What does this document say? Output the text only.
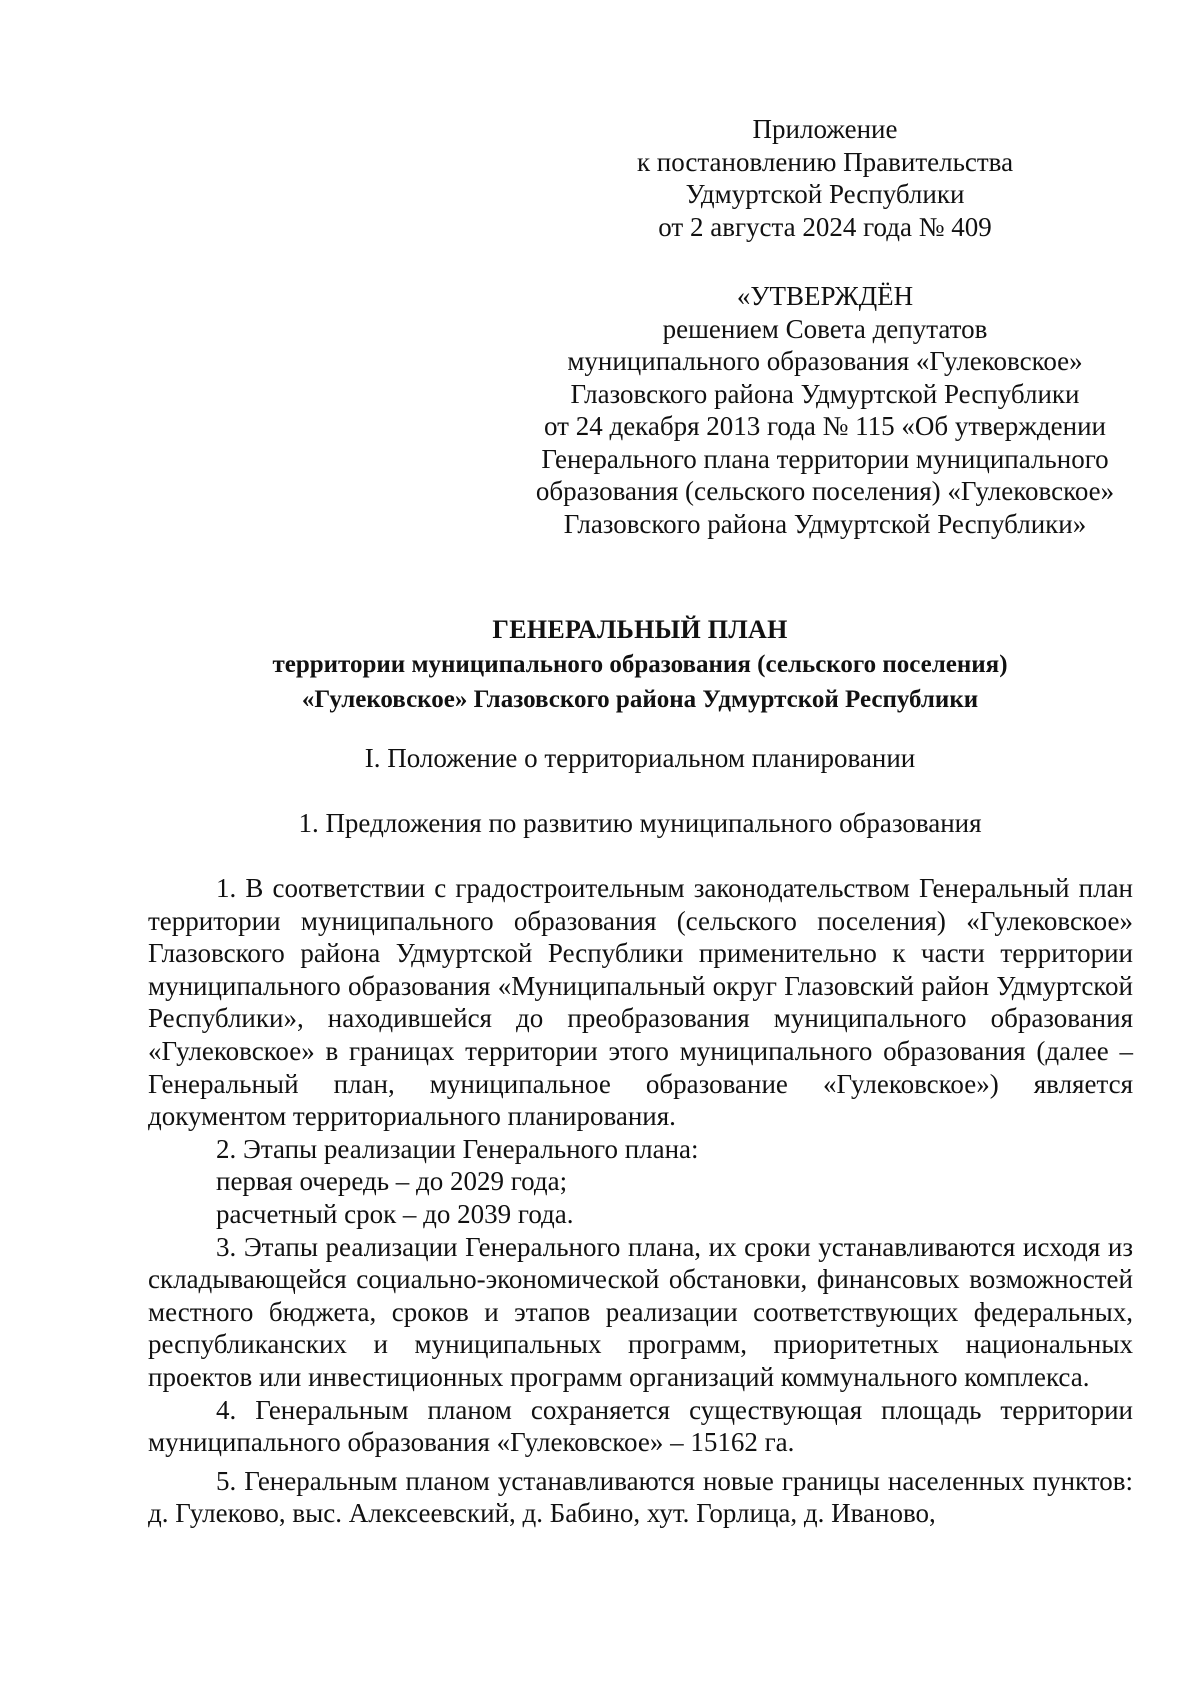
Приложение
к постановлению Правительства
Удмуртской Республики
от 2 августа 2024 года № 409
«УТВЕРЖДЁН
решением Совета депутатов
муниципального образования «Гулековское»
Глазовского района Удмуртской Республики
от 24 декабря 2013 года № 115 «Об утверждении
Генерального плана территории муниципального
образования (сельского поселения) «Гулековское»
Глазовского района Удмуртской Республики»
ГЕНЕРАЛЬНЫЙ ПЛАН
территории муниципального образования (сельского поселения)
«Гулековское» Глазовского района Удмуртской Республики
I. Положение о территориальном планировании
1. Предложения по развитию муниципального образования

1. В соответствии с градостроительным законодательством Генеральный план территории муниципального образования (сельского поселения) «Гулековское» Глазовского района Удмуртской Республики применительно к части территории муниципального образования «Муниципальный округ Глазовский район Удмуртской Республики», находившейся до преобразования муниципального образования «Гулековское» в границах территории этого муниципального образования (далее – Генеральный план, муниципальное образование «Гулековское») является документом территориального планирования.

2. Этапы реализации Генерального плана:

первая очередь – до 2029 года;

расчетный срок – до 2039 года.

3. Этапы реализации Генерального плана, их сроки устанавливаются исходя из складывающейся социально-экономической обстановки, финансовых возможностей местного бюджета, сроков и этапов реализации соответствующих федеральных, республиканских и муниципальных программ, приоритетных национальных проектов или инвестиционных программ организаций коммунального комплекса.

4. Генеральным планом сохраняется существующая площадь территории муниципального образования «Гулековское» – 15162 га.

5. Генеральным планом устанавливаются новые границы населенных пунктов: д. Гулеково, выс. Алексеевский, д. Бабино, хут. Горлица, д. Иваново,
